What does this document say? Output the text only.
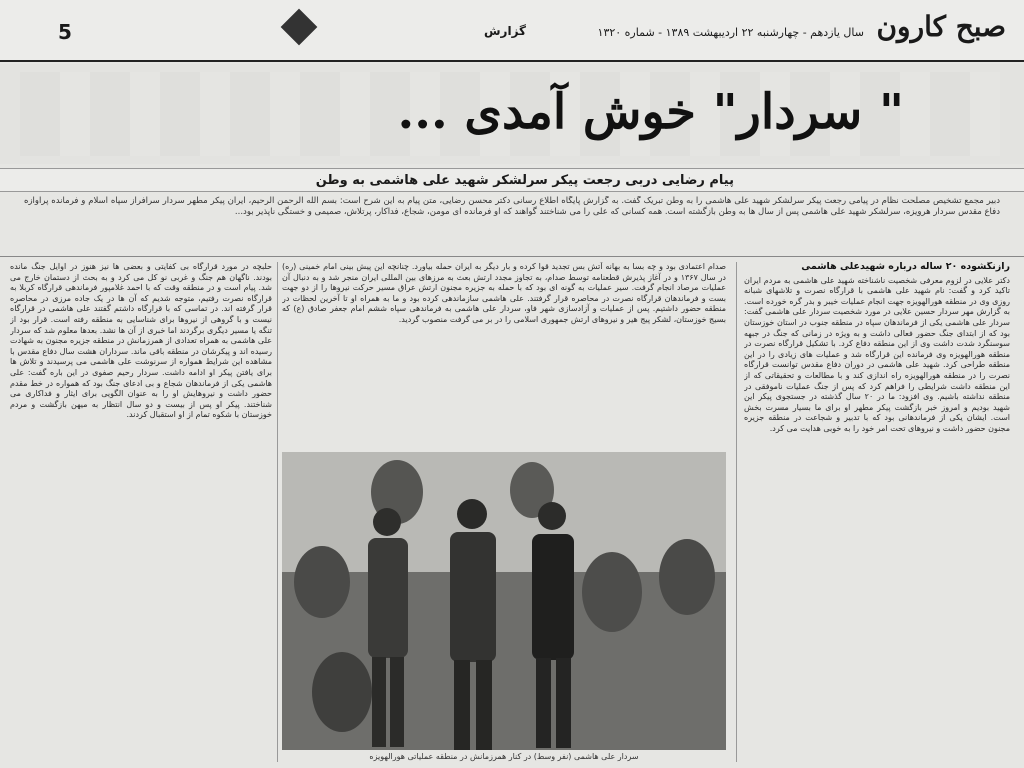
صبح کارون
سال یازدهم - چهارشنبه ۲۲ اردیبهشت ۱۳۸۹ - شماره ۱۳۲۰
گزارش
5
" سردار" خوش آمدی ...
پیام رضایی دربی رجعت پیکر سرلشکر شهید علی هاشمی به وطن
دبیر مجمع تشخیص مصلحت نظام در پیامی رجعت پیکر سرلشکر شهید علی هاشمی را به وطن تبریک گفت. به گزارش پایگاه اطلاع رسانی دکتر محسن رضایی، متن پیام به این شرح است: بسم الله الرحمن الرحیم، ایران پیکر مطهر سردار سرافراز سپاه اسلام و فرمانده پرآوازه دفاع مقدس سردار هرویزه، سرلشکر شهید علی هاشمی پس از سال ها به وطن بازگشته است. همه کسانی که علی را می شناختند گواهند که او فرمانده ای مومن، شجاع، فداکار، پرتلاش، صمیمی و خستگی ناپذیر بود...
رازنگشوده ۲۰ ساله درباره شهیدعلی هاشمی
دکتر علایی در لزوم معرفی شخصیت ناشناخته شهید علی هاشمی به مردم ایران تاکید کرد و گفت: نام شهید علی هاشمی با قرارگاه نصرت و تلاشهای شبانه روزی وی در منطقه هورالهویزه جهت انجام عملیات خیبر و بدر گره خورده است. به گزارش مهر سردار حسین علایی در مورد شخصیت سردار علی هاشمی گفت: سردار علی هاشمی یکی از فرماندهان سپاه در منطقه جنوب در استان خوزستان بود که از ابتدای جنگ حضور فعالی داشت و به ویژه در زمانی که جنگ در جبهه سوسنگرد شدت داشت وی از این منطقه دفاع کرد. با تشکیل قرارگاه نصرت در منطقه هورالهویزه وی فرمانده این قرارگاه شد و عملیات های زیادی را در این منطقه طراحی کرد. شهید علی هاشمی در دوران دفاع مقدس توانست قرارگاه نصرت را در منطقه هورالهویزه راه اندازی کند و با مطالعات و تحقیقاتی که از این منطقه داشت شرایطی را فراهم کرد که پس از جنگ عملیات ناموفقی در منطقه نداشته باشیم. وی افزود: ما در ۲۰ سال گذشته در جستجوی پیکر این شهید بودیم و امروز خبر بازگشت پیکر مطهر او برای ما بسیار مسرت بخش است. ایشان یکی از فرماندهانی بود که با تدبیر و شجاعت در منطقه جزیره مجنون حضور داشت و نیروهای تحت امر خود را به خوبی هدایت می کرد.
صدام اعتمادی بود و چه بسا به بهانه آتش بس تجدید قوا کرده و بار دیگر به ایران حمله بیاورد. چنانچه این پیش بینی امام خمینی (ره) در سال ۱۳۶۷ و در آغاز پذیرش قطعنامه توسط صدام، به تجاوز مجدد ارتش بعث به مرزهای بین المللی ایران منجر شد و به دنبال آن عملیات مرصاد انجام گرفت. سیر عملیات به گونه ای بود که با حمله به جزیره مجنون ارتش عراق مسیر حرکت نیروها را از دو جهت بست و فرماندهان قرارگاه نصرت در محاصره قرار گرفتند. علی هاشمی سازماندهی کرده بود و ما به همراه او تا آخرین لحظات در منطقه حضور داشتیم. پس از عملیات و آزادسازی شهر فاو، سردار علی هاشمی به فرماندهی سپاه ششم امام جعفر صادق (ع) که بسیج خوزستان، لشکر پیج هیر و نیروهای ارتش جمهوری اسلامی را در بر می گرفت منصوب گردید.
حلبچه در مورد قرارگاه بی کفایتی و بعضی ها نیز هنوز در اوایل جنگ مانده بودند. ناگهان هم جنگ و غربی نو کل می کرد و به بحث از دستمان خارج می شد. پیام است و در منطقه وقت که با احمد غلامپور فرماندهی قرارگاه کربلا به قرارگاه نصرت رفتیم، متوجه شدیم که آن ها در یک جاده مرزی در محاصره قرار گرفته اند. در تماسی که با قرارگاه داشتم گفتند علی هاشمی در قرارگاه نیست و با گروهی از نیروها برای شناسایی به منطقه رفته است. قرار بود از تنگه یا مسیر دیگری برگردند اما خبری از آن ها نشد. بعدها معلوم شد که سردار علی هاشمی به همراه تعدادی از همرزمانش در منطقه جزیره مجنون به شهادت رسیده اند و پیکرشان در منطقه باقی ماند. سرداران هشت سال دفاع مقدس با مشاهده این شرایط همواره از سرنوشت علی هاشمی می پرسیدند و تلاش ها برای یافتن پیکر او ادامه داشت. سردار رحیم صفوی در این باره گفت: علی هاشمی یکی از فرماندهان شجاع و بی ادعای جنگ بود که همواره در خط مقدم حضور داشت و نیروهایش او را به عنوان الگویی برای ایثار و فداکاری می شناختند. پیکر او پس از بیست و دو سال انتظار به میهن بازگشت و مردم خوزستان با شکوه تمام از او استقبال کردند.
سردار علی هاشمی (نفر وسط) در کنار همرزمانش در منطقه عملیاتی هورالهویزه
